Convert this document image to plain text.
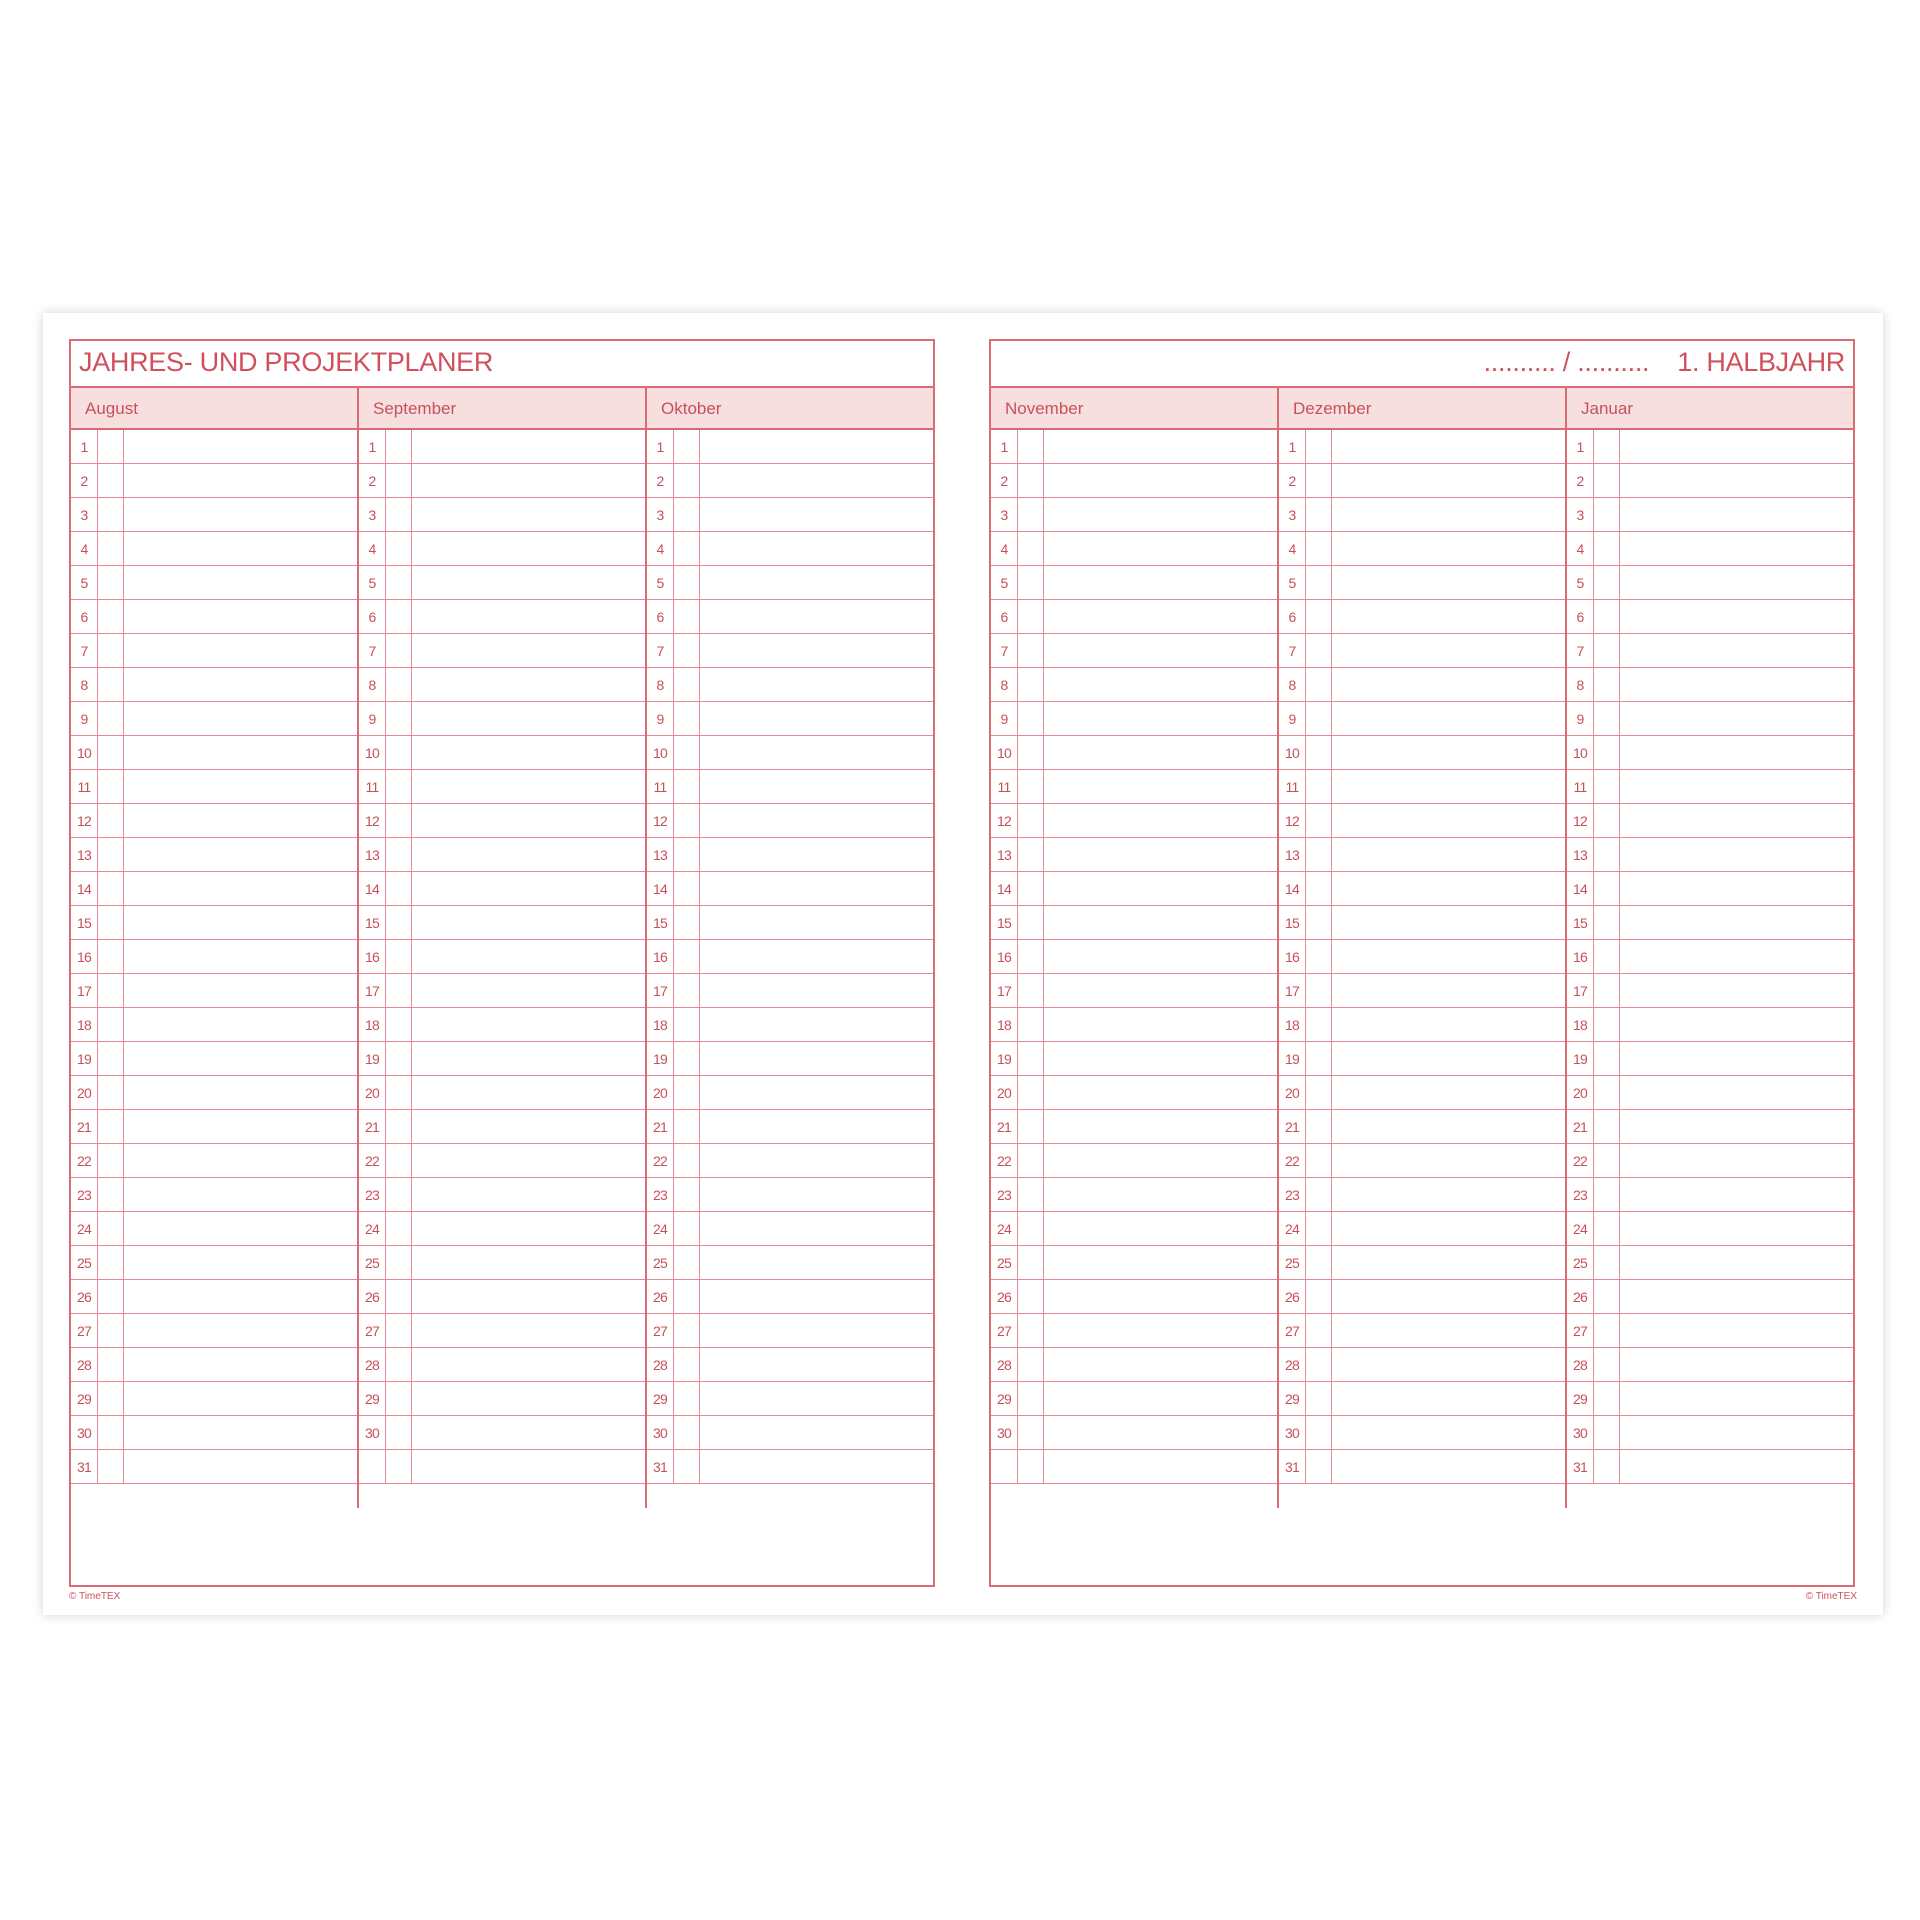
JAHRES- UND PROJEKTPLANER
August
1
2
3
4
5
6
7
8
9
10
11
12
13
14
15
16
17
18
19
20
21
22
23
24
25
26
27
28
29
30
31
September
1
2
3
4
5
6
7
8
9
10
11
12
13
14
15
16
17
18
19
20
21
22
23
24
25
26
27
28
29
30
Oktober
1
2
3
4
5
6
7
8
9
10
11
12
13
14
15
16
17
18
19
20
21
22
23
24
25
26
27
28
29
30
31
.......... / .......... 1. HALBJAHR
November
1
2
3
4
5
6
7
8
9
10
11
12
13
14
15
16
17
18
19
20
21
22
23
24
25
26
27
28
29
30
Dezember
1
2
3
4
5
6
7
8
9
10
11
12
13
14
15
16
17
18
19
20
21
22
23
24
25
26
27
28
29
30
31
Januar
1
2
3
4
5
6
7
8
9
10
11
12
13
14
15
16
17
18
19
20
21
22
23
24
25
26
27
28
29
30
31
© TimeTEX	© TimeTEX
